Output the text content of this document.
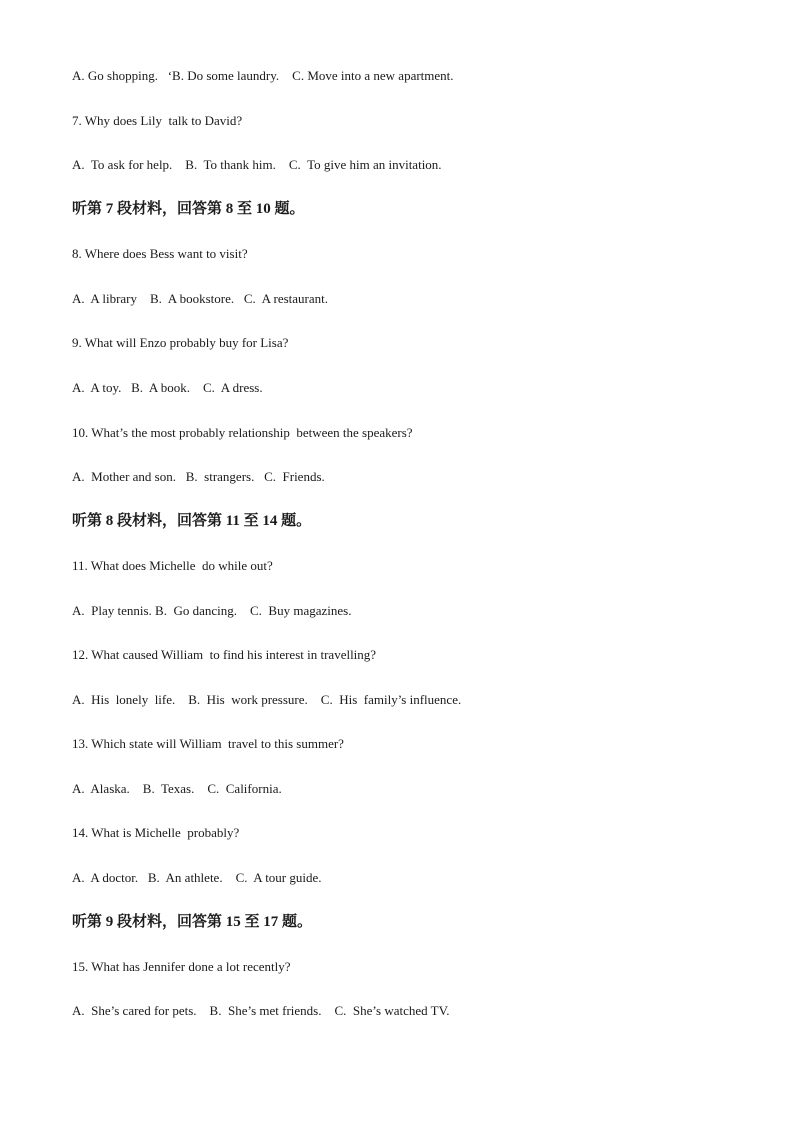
A. Go shopping.   ‘B. Do some laundry.    C. Move into a new apartment.
7. Why does Lily  talk to David?
A.  To ask for help.    B.  To thank him.    C.  To give him an invitation.
听第 7 段材料，回答第 8 至 10 题。
8. Where does Bess want to visit?
A.  A library    B.  A bookstore.   C.  A restaurant.
9. What will Enzo probably buy for Lisa?
A.  A toy.   B.  A book.    C.  A dress.
10. What’s the most probably relationship  between the speakers?
A.  Mother and son.   B.  strangers.   C.  Friends.
听第 8 段材料，回答第 11 至 14 题。
11. What does Michelle  do while out?
A.  Play tennis. B.  Go dancing.    C.  Buy magazines.
12. What caused William  to find his interest in travelling?
A.  His  lonely  life.    B.  His  work pressure.    C.  His  family’s influence.
13. Which state will William  travel to this summer?
A.  Alaska.    B.  Texas.    C.  California.
14. What is Michelle  probably?
A.  A doctor.   B.  An athlete.    C.  A tour guide.
听第 9 段材料，回答第 15 至 17 题。
15. What has Jennifer done a lot recently?
A.  She’s cared for pets.    B.  She’s met friends.    C.  She’s watched TV.
